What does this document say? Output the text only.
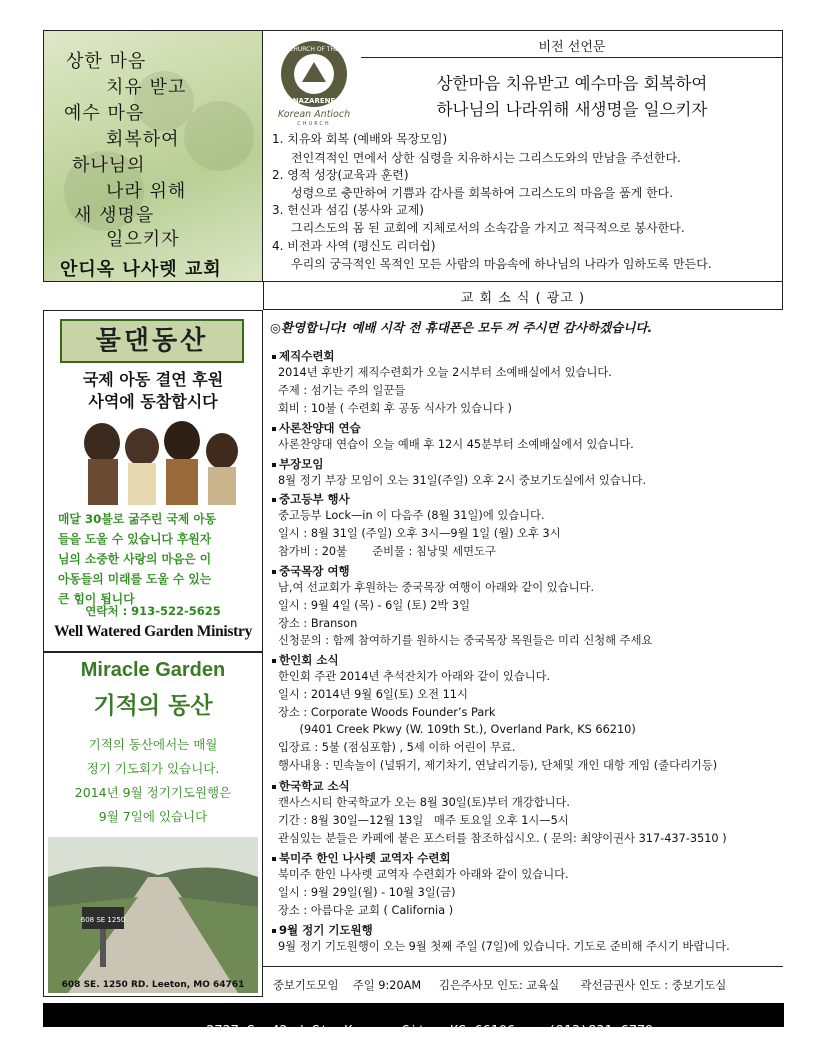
상한 마음
치유 받고
예수 마음
회복하여
하나님의
나라 위해
새 생명을
일으키자
안디옥 나사렛 교회
비전 선언문
CHURCH OF THE
NAZARENE
Korean Antioch
CHURCH
상한마음 치유받고 예수마음 회복하여
하나님의 나라위해 새생명을 일으키자
1. 치유와 회복 (예배와 목장모임)
전인격적인 면에서 상한 심령을 치유하시는 그리스도와의 만남을 주선한다.
2. 영적 성장(교육과 훈련)
성령으로 충만하여 기쁨과 감사를 회복하여 그리스도의 마음을 품게 한다.
3. 헌신과 섬김 (봉사와 교제)
그리스도의 몸 된 교회에 지체로서의 소속감을 가지고 적극적으로 봉사한다.
4. 비전과 사역 (평신도 리더쉽)
우리의 궁극적인 목적인 모든 사람의 마음속에 하나님의 나라가 임하도록 만든다.
교 회 소 식 ( 광고 )
물댄동산
국제 아동 결연 후원
사역에 동참합시다
매달 30불로 굶주린 국제 아동
들을 도울 수 있습니다 후원자
님의 소중한 사랑의 마음은 이
아동들의 미래를 도울 수 있는
큰 힘이 됩니다
연락처 : 913-522-5625
Well Watered Garden Ministry
Miracle Garden
기적의 동산
기적의 동산에서는 매월
정기 기도회가 있습니다.
2014년 9월 정기기도원행은
9월 7일에 있습니다
608 SE 1250
608 SE. 1250 RD. Leeton, MO 64761
◎환영합니다! 예배 시작 전 휴대폰은 모두 꺼 주시면 감사하겠습니다.
제직수련회
2014년 후반기 제직수련회가 오늘 2시부터 소예배실에서 있습니다.
주제 : 섬기는 주의 일꾼들
회비 : 10불 ( 수련회 후 공동 식사가 있습니다 )
사론찬양대 연습
사론찬양대 연습이 오늘 예배 후 12시 45분부터 소예배실에서 있습니다.
부장모임
8월 정기 부장 모임이 오는 31일(주일) 오후 2시 중보기도실에서 있습니다.
중고등부 행사
중고등부 Lock—in 이 다음주 (8월 31일)에 있습니다.
일시 : 8월 31일 (주일) 오후 3시—9월 1일 (월) 오후 3시
참가비 : 20불       준비물 : 침낭및 세면도구
중국목장 여행
남,여 선교회가 후원하는 중국목장 여행이 아래와 같이 있습니다.
일시 : 9월 4일 (목) - 6일 (토) 2박 3일
장소 : Branson
신청문의 : 함께 참여하기를 원하시는 중국목장 목원들은 미리 신청해 주세요
한인회 소식
한인회 주관 2014년 추석잔치가 아래와 같이 있습니다.
일시 : 2014년 9월 6일(토) 오전 11시
장소 : Corporate Woods Founder’s Park
(9401 Creek Pkwy (W. 109th St.), Overland Park, KS 66210)
입장료 : 5불 (점심포함) , 5세 이하 어린이 무료.
행사내용 : 민속놀이 (널뛰기, 제기차기, 연날리기등), 단체및 개인 대항 게임 (줄다리기등)
한국학교 소식
캔사스시티 한국학교가 오는 8월 30일(토)부터 개강합니다.
기간 : 8월 30일—12월 13일   매주 토요일 오후 1시—5시
관심있는 분들은 카페에 붙은 포스터를 참조하십시오. ( 문의: 최양이권사 317-437-3510 )
북미주 한인 나사렛 교역자 수련회
북미주 한인 나사렛 교역자 수련회가 아래와 같이 있습니다.
일시 : 9월 29일(월) - 10월 3일(금)
장소 : 아름다운 교회 ( California )
9월 정기 기도원행
9월 정기 기도원행이 오는 9월 첫째 주일 (7일)에 있습니다. 기도로 준비해 주시기 바랍니다.
중보기도모임    주일 9:20AM     김은주사모 인도: 교육실      곽선금권사 인도 : 중보기도실

2737 S. 42nd St. Kansas City, KS 66106 ☎(913)831-6779
